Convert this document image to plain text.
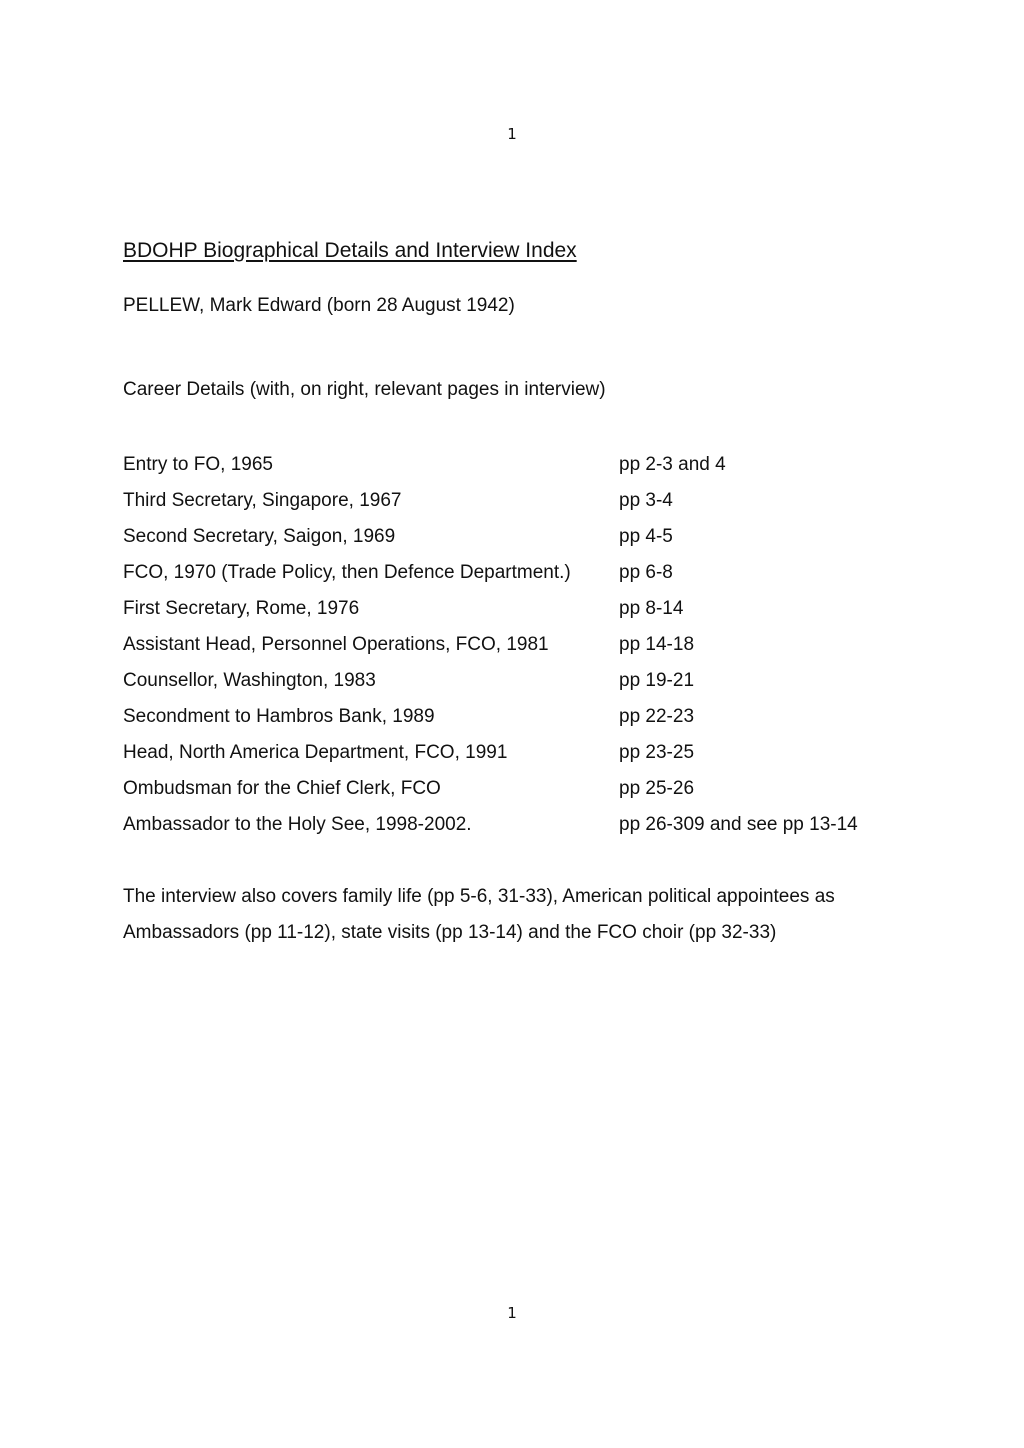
1
BDOHP Biographical Details and Interview Index
PELLEW, Mark Edward (born 28 August 1942)
Career Details (with, on right, relevant pages in interview)
Entry to FO, 1965	pp 2-3 and 4
Third Secretary, Singapore, 1967	pp 3-4
Second Secretary, Saigon, 1969	pp 4-5
FCO, 1970 (Trade Policy, then Defence Department.)	pp 6-8
First Secretary, Rome, 1976	pp 8-14
Assistant Head, Personnel Operations, FCO, 1981	pp 14-18
Counsellor, Washington, 1983	pp 19-21
Secondment to Hambros Bank, 1989	pp 22-23
Head, North America Department, FCO, 1991	pp 23-25
Ombudsman for the Chief Clerk, FCO	pp 25-26
Ambassador to the Holy See, 1998-2002.	pp 26-309 and see pp 13-14

The interview also covers family life (pp 5-6, 31-33), American political appointees as Ambassadors (pp 11-12), state visits (pp 13-14) and the FCO choir (pp 32-33)

1
